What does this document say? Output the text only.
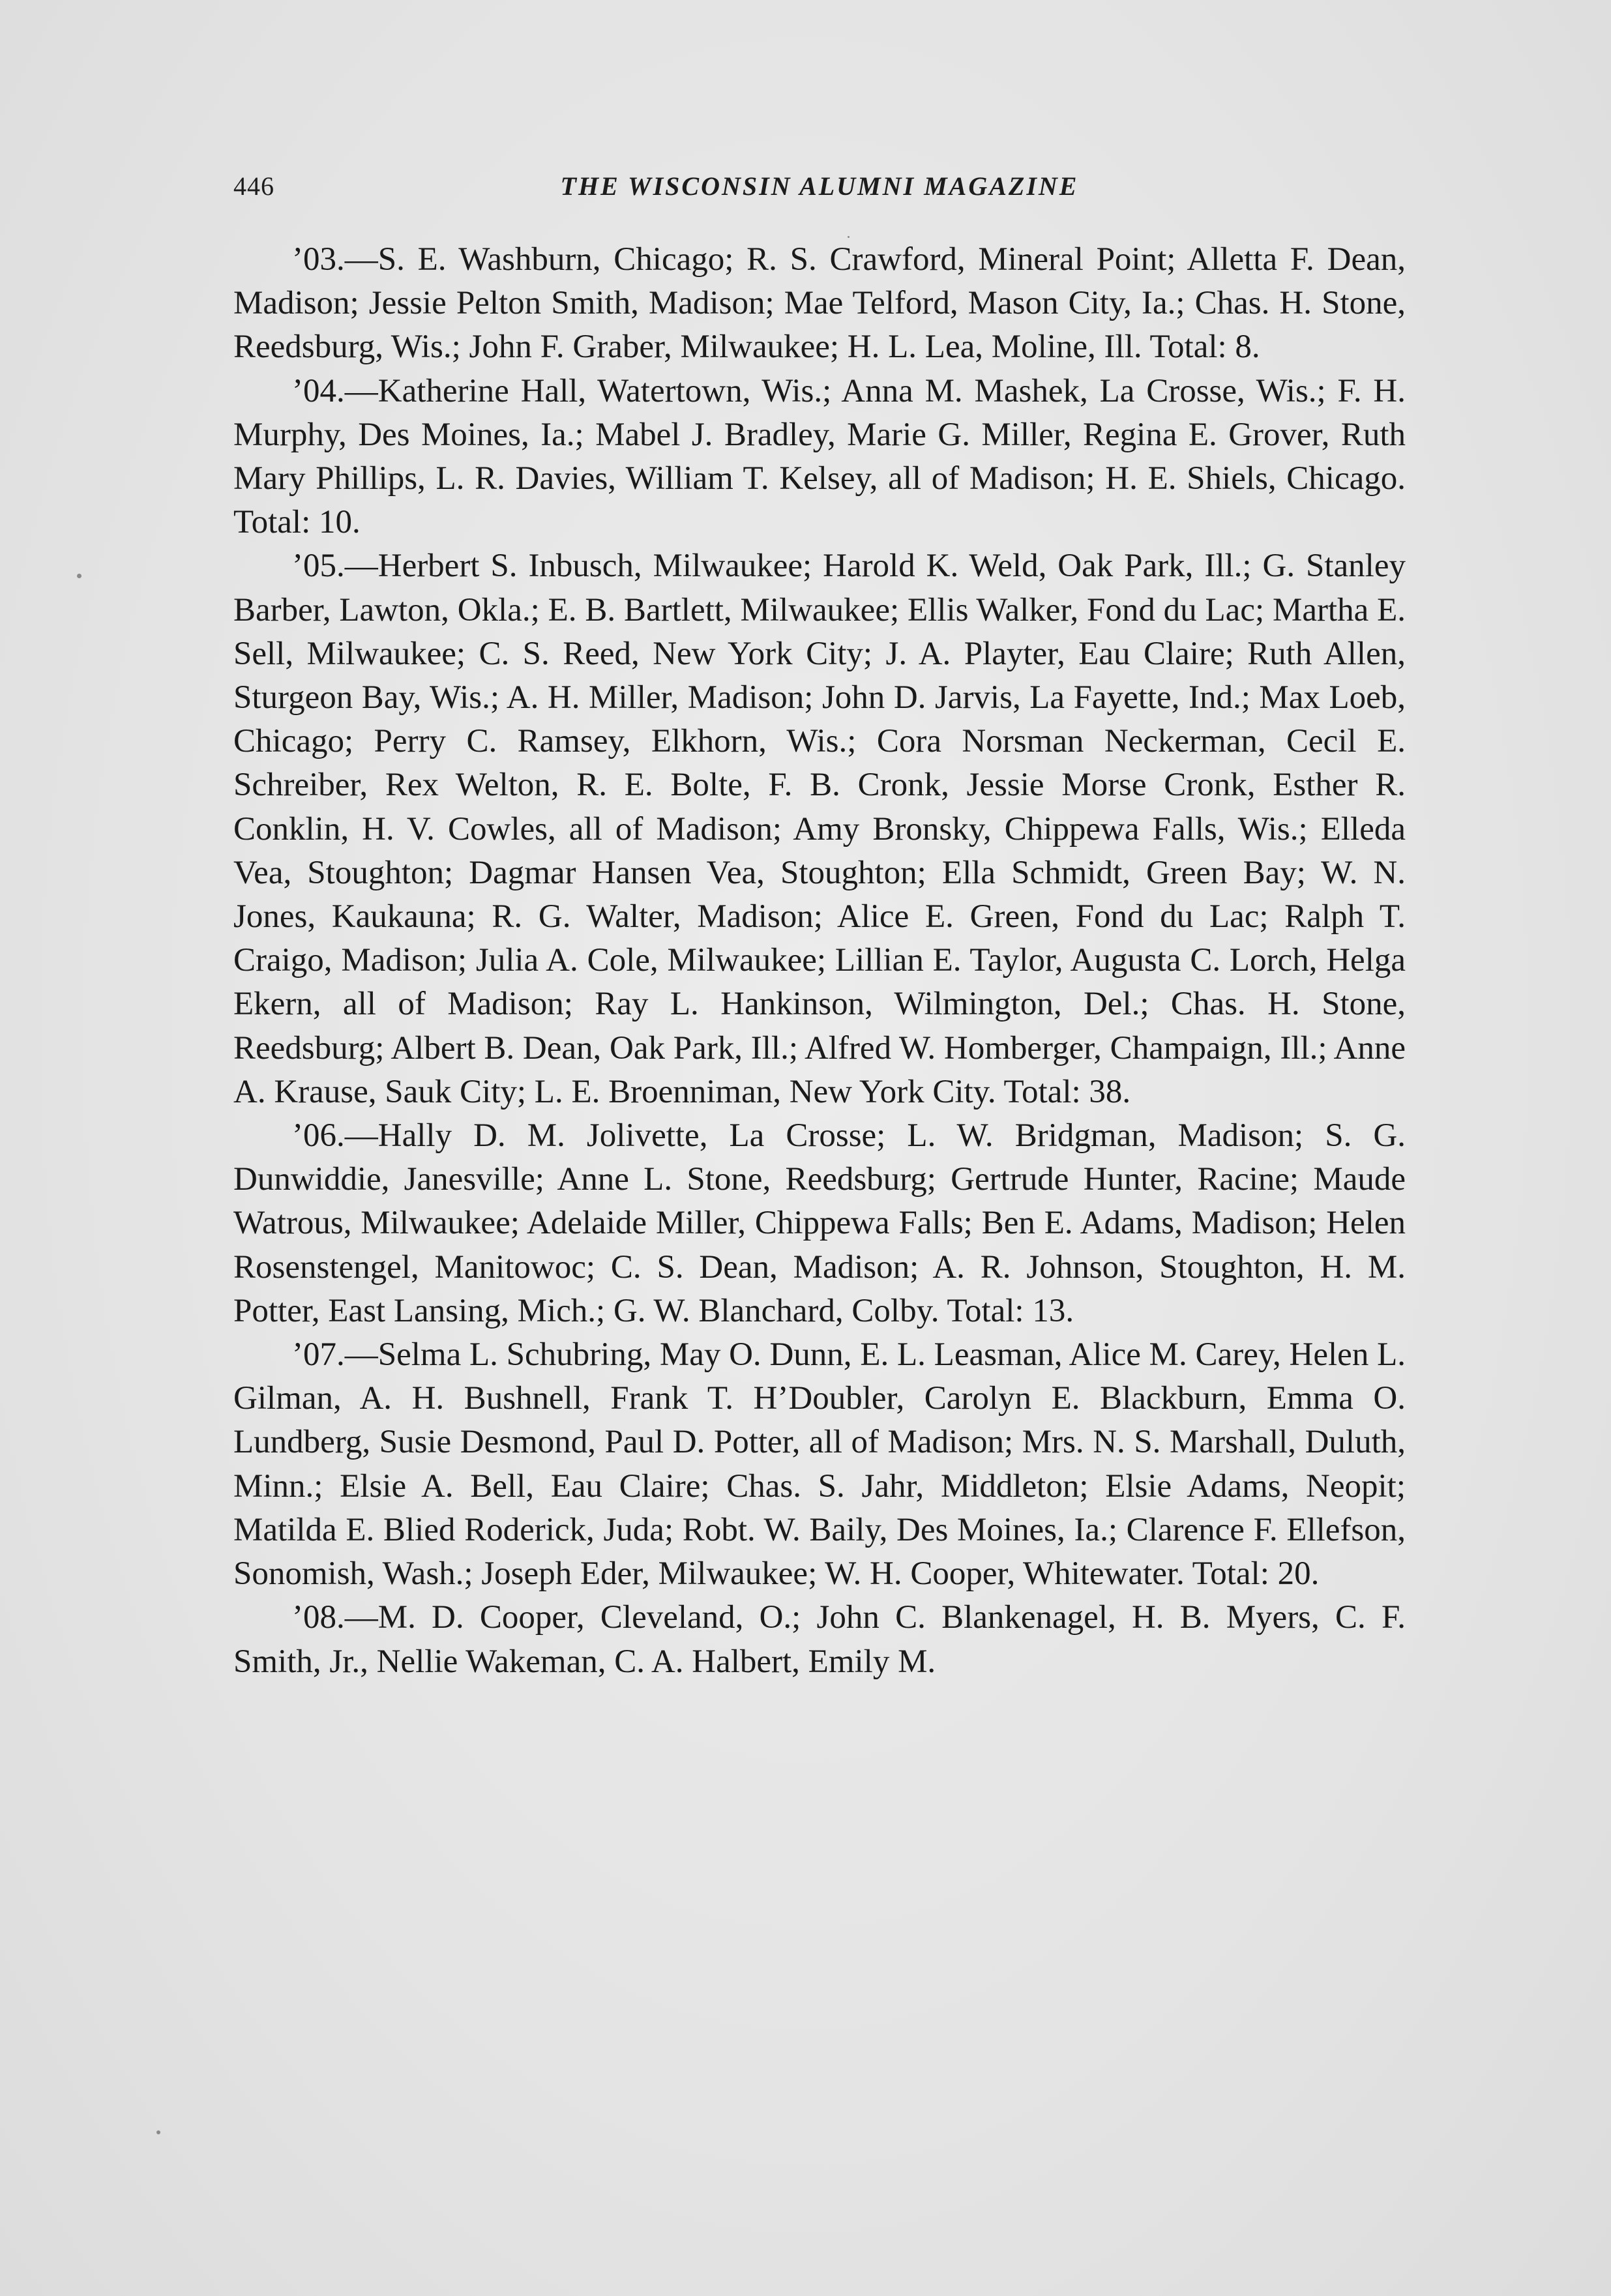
446	THE WISCONSIN ALUMNI MAGAZINE

’03.—S. E. Washburn, Chicago; R. S. Crawford, Mineral Point; Alletta F. Dean, Madison; Jessie Pelton Smith, Madison; Mae Telford, Mason City, Ia.; Chas. H. Stone, Reedsburg, Wis.; John F. Graber, Milwaukee; H. L. Lea, Moline, Ill. Total: 8.

’04.—Katherine Hall, Watertown, Wis.; Anna M. Mashek, La Crosse, Wis.; F. H. Murphy, Des Moines, Ia.; Mabel J. Bradley, Marie G. Miller, Regina E. Grover, Ruth Mary Phillips, L. R. Davies, William T. Kelsey, all of Madison; H. E. Shiels, Chicago. Total: 10.

’05.—Herbert S. Inbusch, Milwaukee; Harold K. Weld, Oak Park, Ill.; G. Stanley Barber, Lawton, Okla.; E. B. Bartlett, Milwaukee; Ellis Walker, Fond du Lac; Martha E. Sell, Milwaukee; C. S. Reed, New York City; J. A. Playter, Eau Claire; Ruth Allen, Sturgeon Bay, Wis.; A. H. Miller, Madison; John D. Jarvis, La Fayette, Ind.; Max Loeb, Chicago; Perry C. Ramsey, Elkhorn, Wis.; Cora Norsman Neckerman, Cecil E. Schreiber, Rex Welton, R. E. Bolte, F. B. Cronk, Jessie Morse Cronk, Esther R. Conklin, H. V. Cowles, all of Madison; Amy Bronsky, Chippewa Falls, Wis.; Elleda Vea, Stoughton; Dagmar Hansen Vea, Stoughton; Ella Schmidt, Green Bay; W. N. Jones, Kaukauna; R. G. Walter, Madison; Alice E. Green, Fond du Lac; Ralph T. Craigo, Madison; Julia A. Cole, Milwaukee; Lillian E. Taylor, Augusta C. Lorch, Helga Ekern, all of Madison; Ray L. Hankinson, Wilmington, Del.; Chas. H. Stone, Reedsburg; Albert B. Dean, Oak Park, Ill.; Alfred W. Homberger, Champaign, Ill.; Anne A. Krause, Sauk City; L. E. Broenniman, New York City. Total: 38.

’06.—Hally D. M. Jolivette, La Crosse; L. W. Bridgman, Madison; S. G. Dunwiddie, Janesville; Anne L. Stone, Reedsburg; Gertrude Hunter, Racine; Maude Watrous, Milwaukee; Adelaide Miller, Chippewa Falls; Ben E. Adams, Madison; Helen Rosenstengel, Manitowoc; C. S. Dean, Madison; A. R. Johnson, Stoughton, H. M. Potter, East Lansing, Mich.; G. W. Blanchard, Colby. Total: 13.

’07.—Selma L. Schubring, May O. Dunn, E. L. Leasman, Alice M. Carey, Helen L. Gilman, A. H. Bushnell, Frank T. H’Doubler, Carolyn E. Blackburn, Emma O. Lundberg, Susie Desmond, Paul D. Potter, all of Madison; Mrs. N. S. Marshall, Duluth, Minn.; Elsie A. Bell, Eau Claire; Chas. S. Jahr, Middleton; Elsie Adams, Neopit; Matilda E. Blied Roderick, Juda; Robt. W. Baily, Des Moines, Ia.; Clarence F. Ellefson, Sonomish, Wash.; Joseph Eder, Milwaukee; W. H. Cooper, Whitewater. Total: 20.

’08.—M. D. Cooper, Cleveland, O.; John C. Blankenagel, H. B. Myers, C. F. Smith, Jr., Nellie Wakeman, C. A. Halbert, Emily M.
